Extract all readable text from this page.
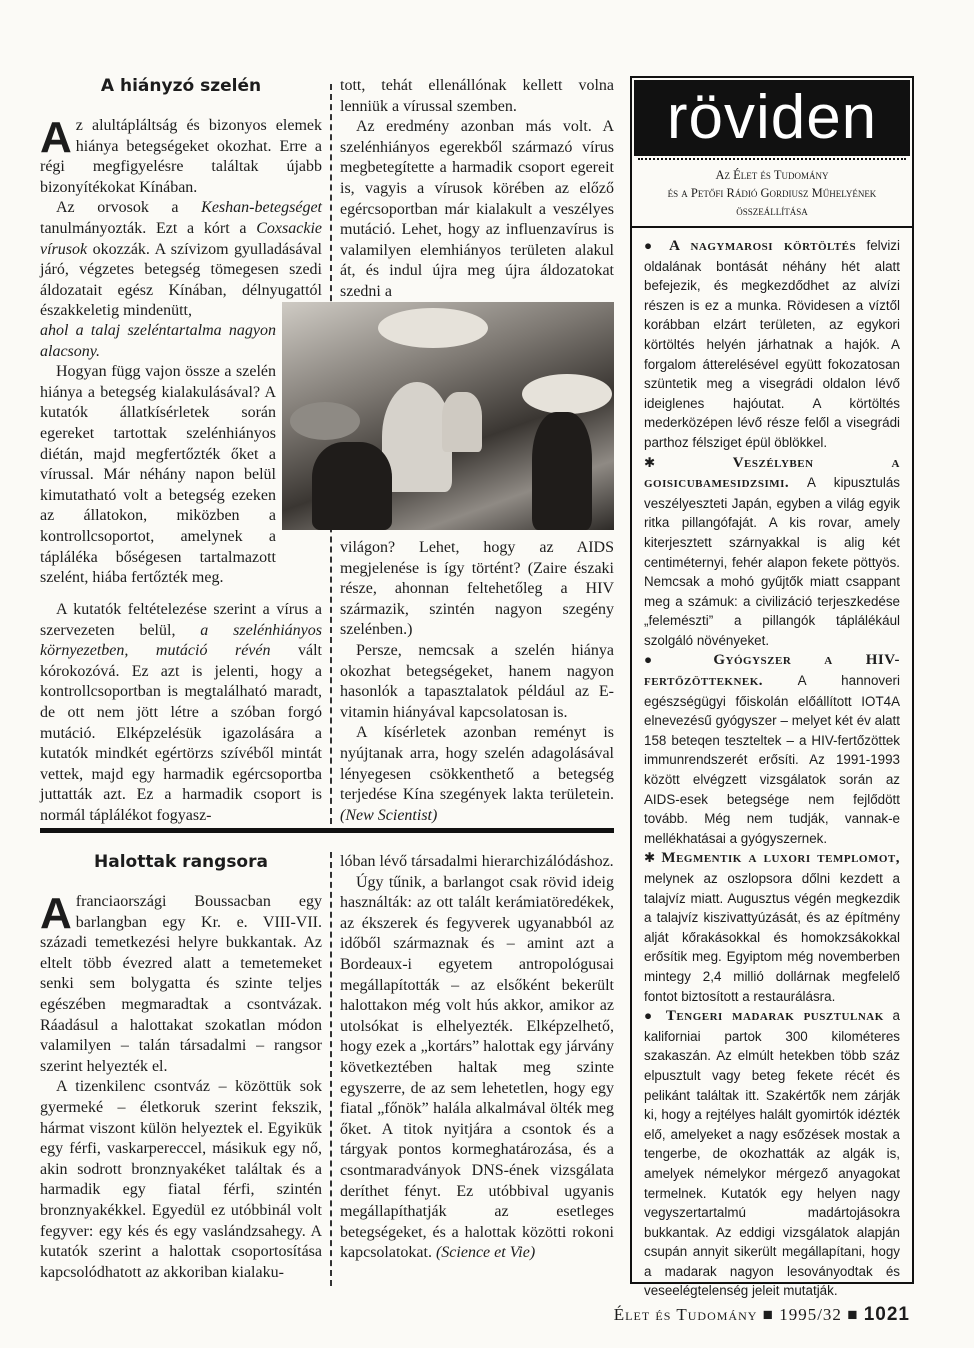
A hiányzó szelén

Az alultápláltság és bizonyos elemek hiánya betegségeket okozhat. Erre a régi megfigyelésre találtak újabb bizonyítékokat Kínában.

Az orvosok a Keshan-betegséget tanulmányozták. Ezt a kórt a Coxsackie vírusok okozzák. A szívizom gyulladásával járó, végzetes betegség tömegesen szedi áldozatait egész Kínában, délnyugattól északkeletig mindenütt,

ahol a talaj szeléntartalma nagyon alacsony.

Hogyan függ vajon össze a szelén hiánya a betegség kialakulásával? A kutatók állatkísérletek során egereket tartottak szelénhiányos diétán, majd megfertőzték őket a vírussal. Már néhány napon belül kimutatható volt a betegség ezeken az állatokon, miközben a kontrollcsoportot, amelynek a tápláléka bőségesen tartalmazott szelént, hiába fertőzték meg.

A kutatók feltételezése szerint a vírus a szervezeten belül, a szelénhiányos környezetben, mutáció révén vált kórokozóvá. Ez azt is jelenti, hogy a kontrollcsoportban is megtalálható maradt, de ott nem jött létre a szóban forgó mutáció. Elképzelésük igazolására a kutatók mindkét egértörzs szívéből mintát vettek, majd egy harmadik egércsoportba juttatták azt. Ez a harmadik csoport is normál táplálékot fogyasz-

tott, tehát ellenállónak kellett volna lenniük a vírussal szemben.

Az eredmény azonban más volt. A szelénhiányos egerekből származó vírus megbetegítette a harmadik csoport egereit is, vagyis a vírusok körében az előző egércsoportban már kialakult a veszélyes mutáció. Lehet, hogy az influenzavírus is valamilyen elemhiányos területen alakul át, és indul újra meg újra áldozatokat szedni a

világon? Lehet, hogy az AIDS megjelenése is így történt? (Zaire északi része, ahonnan feltehetőleg a HIV származik, szintén nagyon szegény szelénben.)

Persze, nemcsak a szelén hiánya okozhat betegségeket, hanem nagyon hasonlók a tapasztalatok például az E-vitamin hiányával kapcsolatosan is.

A kísérletek azonban reményt is nyújtanak arra, hogy szelén adagolásával lényegesen csökkenthető a betegség terjedése Kína szegények lakta területein. (New Scientist)

Halottak rangsora

Afranciaországi Boussacban egy barlangban egy Kr. e. VIII-VII. századi temetkezési helyre bukkantak. Az eltelt több évezred alatt a temetemeket senki sem bolygatta és szinte teljes egészében megmaradtak a csontvázak. Ráadásul a halottakat szokatlan módon valamilyen – talán társadalmi – rangsor szerint helyezték el.

A tizenkilenc csontváz – közöttük sok gyermeké – életkoruk szerint fekszik, hármat viszont külön helyeztek el. Egyikük egy férfi, vaskarpereccel, másikuk egy nő, akin sodrott bronznyakéket találtak és a harmadik egy fiatal férfi, szintén bronznyakékkel. Egyedül ez utóbbinál volt fegyver: egy kés és egy vaslándzsahegy. A kutatók szerint a halottak csoportosítása kapcsolódhatott az akkoriban kialaku-

lóban lévő társadalmi hierarchizálódáshoz.

Úgy tűnik, a barlangot csak rövid ideig használták: az ott talált kerámiatöredékek, az ékszerek és fegyverek ugyanabból az időből származnak és – amint azt a Bordeaux-i egyetem antropológusai megállapították – az elsőként bekerült halottakon még volt hús akkor, amikor az utolsókat is elhelyezték. Elképzelhető, hogy ezek a „kortárs” halottak egy járvány következtében haltak meg szinte egyszerre, de az sem lehetetlen, hogy egy fiatal „főnök” halála alkalmával ölték meg őket. A titok nyitjára a csontok és a tárgyak pontos kormeghatározása, és a csontmaradványok DNS-ének vizsgálata deríthet fényt. Ez utóbbival ugyanis megállapíthatják az esetleges betegségeket, és a halottak közötti rokoni kapcsolatokat. (Science et Vie)

röviden
Az Élet és Tudomány
és a Petőfi Rádió Gordiusz Műhelyének
összeállítása

● A nagymarosi körtöltés felvizi oldalának bontását néhány hét alatt befejezik, és megkezdődhet az alvízi részen is ez a munka. Rövidesen a víztől korábban elzárt területen, az egykori körtöltés helyén járhatnak a hajók. A forgalom átterelésével együtt fokozatosan szüntetik meg a visegrádi oldalon lévő ideiglenes hajóutat. A körtöltés mederközépen lévő része felől a visegrádi parthoz félsziget épül öblökkel.

✱	Veszélyben a goisicubamesidzsimi. A kipusztulás veszélyeszteti Japán, egyben a világ egyik ritka pillangófaját. A kis rovar, amely kiterjesztett szárnyakkal is alig két centiméternyi, fehér alapon fekete pöttyös. Nemcsak a mohó gyűjtők miatt csappant meg a számuk: a civilizáció terjeszkedése „felemészti” a pillangók táplálékául szolgáló növényeket.

● Gyógyszer a HIV-fertőzötteknek. A hannoveri egészségügyi főiskolán előállított IOT4A elnevezésű gyógyszer – melyet két év alatt 158 beteqen teszteltek – a HIV-fertőzöttek immunrendszerét erősíti. Az 1991-1993 között elvégzett vizsgálatok során az AIDS-esek betegsége nem fejlődött tovább. Még nem tudják, vannak-e mellékhatásai a gyógyszernek.

✱ Megmentik a luxori templomot, melynek az oszlopsora dőlni kezdett a talajvíz miatt. Augusztus végén megkezdik a talajvíz kiszivattyúzását, és az építmény alját kőrakásokkal és homokzsákokkal erősítik meg. Egyiptom még novemberben mintegy 2,4 millió dollárnak megfelelő fontot biztosított a restaurálásra.

● Tengeri madarak pusztulnak a kaliforniai partok 300 kilométeres szakaszán. Az elmúlt hetekben több száz elpusztult vagy beteg fekete récét és pelikánt találtak itt. Szakértők nem zárják ki, hogy a rejtélyes halált gyomirtók idézték elő, amelyeket a nagy esőzések mostak a tengerbe, de okozhatták az algák is, amelyek némelykor mérgező anyagokat termelnek. Kutatók egy helyen nagy vegyszertartalmú madártojásokra bukkantak. Az eddigi vizsgálatok alapján csupán annyit sikerült megállapítani, hogy a madarak nagyon lesoványodtak és veseelégtelenség jeleit mutatják.

Élet és Tudomány ■ 1995/32 ■ 1021
